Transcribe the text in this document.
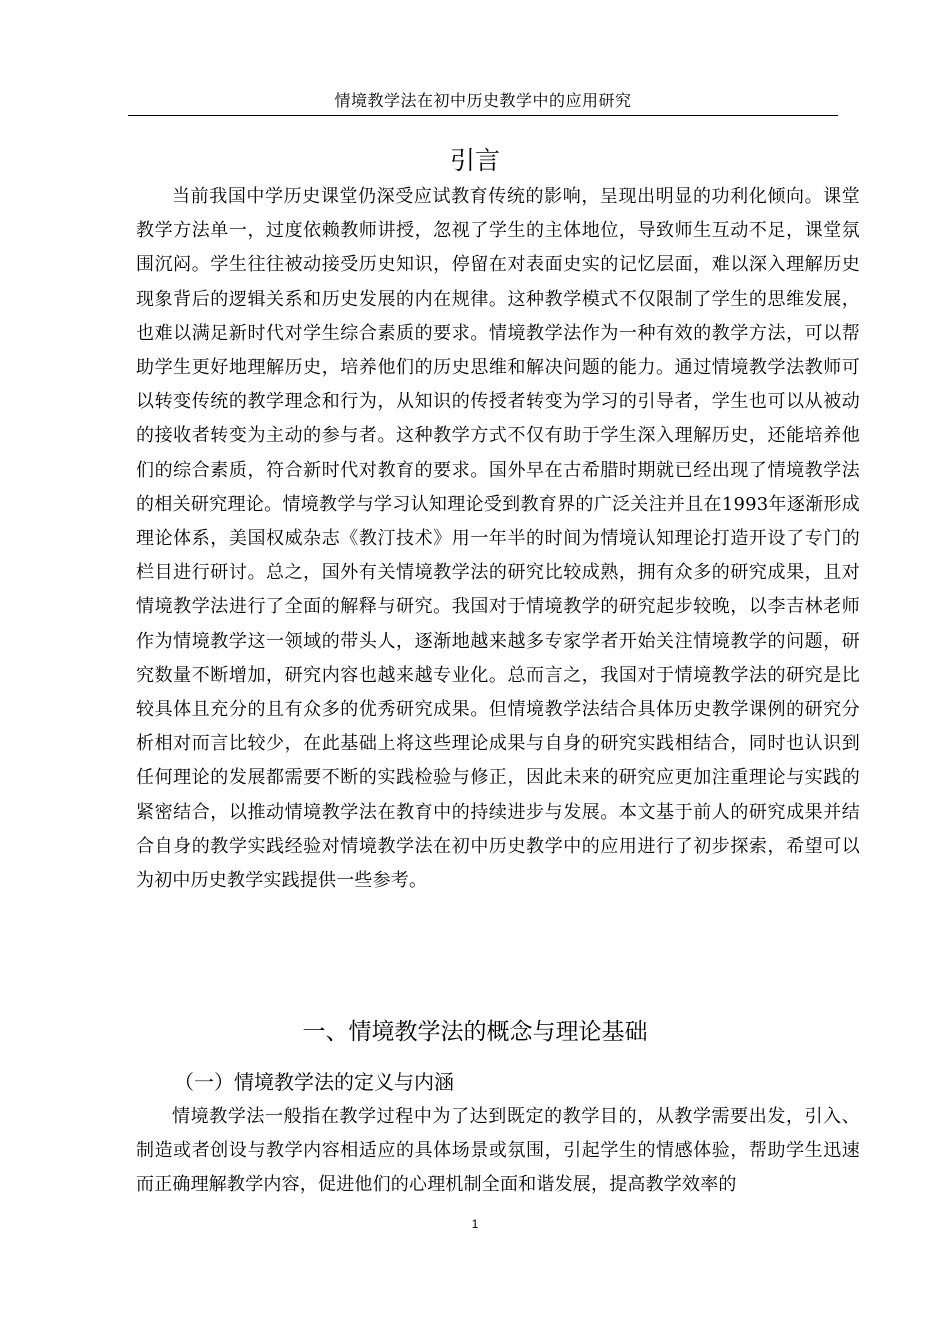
情境教学法在初中历史教学中的应用研究
引言

当前我国中学历史课堂仍深受应试教育传统的影响，呈现出明显的功利化倾向。课堂教学方法单一，过度依赖教师讲授，忽视了学生的主体地位，导致师生互动不足，课堂氛围沉闷。学生往往被动接受历史知识，停留在对表面史实的记忆层面，难以深入理解历史现象背后的逻辑关系和历史发展的内在规律。这种教学模式不仅限制了学生的思维发展，也难以满足新时代对学生综合素质的要求。情境教学法作为一种有效的教学方法，可以帮助学生更好地理解历史，培养他们的历史思维和解决问题的能力。通过情境教学法教师可以转变传统的教学理念和行为，从知识的传授者转变为学习的引导者，学生也可以从被动的接收者转变为主动的参与者。这种教学方式不仅有助于学生深入理解历史，还能培养他们的综合素质，符合新时代对教育的要求。国外早在古希腊时期就已经出现了情境教学法的相关研究理论。情境教学与学习认知理论受到教育界的广泛关注并且在1993年逐渐形成理论体系，美国权威杂志《教汀技术》用一年半的时间为情境认知理论打造开设了专门的栏目进行研讨。总之，国外有关情境教学法的研究比较成熟，拥有众多的研究成果，且对情境教学法进行了全面的解释与研究。我国对于情境教学的研究起步较晚，以李吉林老师作为情境教学这一领域的带头人，逐渐地越来越多专家学者开始关注情境教学的问题，研究数量不断增加，研究内容也越来越专业化。总而言之，我国对于情境教学法的研究是比较具体且充分的且有众多的优秀研究成果。但情境教学法结合具体历史教学课例的研究分析相对而言比较少，在此基础上将这些理论成果与自身的研究实践相结合，同时也认识到任何理论的发展都需要不断的实践检验与修正，因此未来的研究应更加注重理论与实践的紧密结合，以推动情境教学法在教育中的持续进步与发展。本文基于前人的研究成果并结合自身的教学实践经验对情境教学法在初中历史教学中的应用进行了初步探索，希望可以为初中历史教学实践提供一些参考。

一、情境教学法的概念与理论基础
（一）情境教学法的定义与内涵

情境教学法一般指在教学过程中为了达到既定的教学目的，从教学需要出发，引入、制造或者创设与教学内容相适应的具体场景或氛围，引起学生的情感体验，帮助学生迅速而正确理解教学内容，促进他们的心理机制全面和谐发展，提高教学效率的

1
